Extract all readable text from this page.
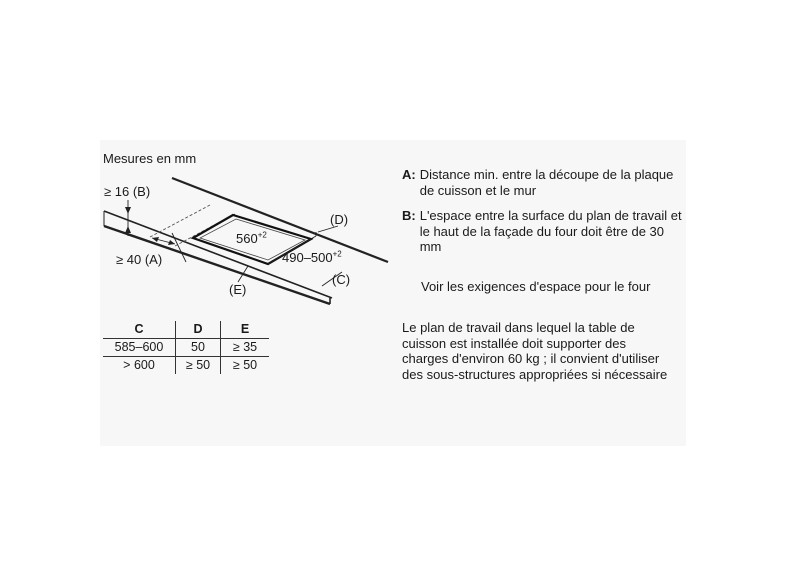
Mesures en mm
≥ 16 (B)
≥ 40 (A)
$560^{+2}$
$490-500^{+2}$
(D)
(C)
(E)
C	D	E
585–600	50	≥ 35
> 600	≥ 50	≥ 50
A: Distance min. entre la découpe de la plaque de cuisson et le mur
B: L'espace entre la surface du plan de travail et le haut de la façade du four doit être de 30 mm
Voir les exigences d'espace pour le four
Le plan de travail dans lequel la table de cuisson est installée doit supporter des charges d'environ 60 kg ; il convient d'utiliser des sous-structures appropriées si nécessaire
